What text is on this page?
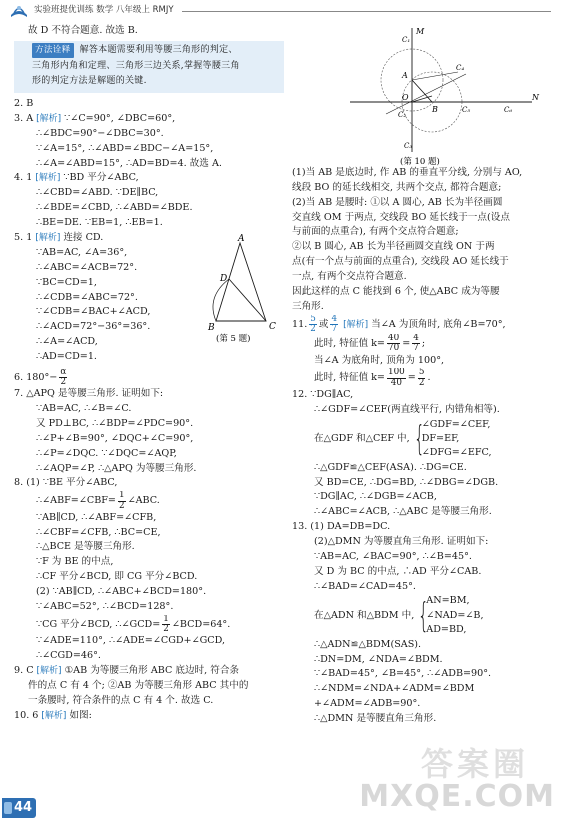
实验班提优训练 数学 八年级上 RMJY
故 D 不符合题意. 故选 B.
方法诠释 解答本题需要利用等腰三角形的判定、
三角形内角和定理、三角形三边关系,掌握等腰三角
形的判定方法是解题的关键.
2. B
3. A [解析] ∵∠C=90°, ∠DBC=60°,
∴∠BDC=90°−∠DBC=30°.
∵∠A=15°, ∴∠ABD=∠BDC−∠A=15°,
∴∠A=∠ABD=15°, ∴AD=BD=4. 故选 A.
4. 1 [解析] ∵BD 平分∠ABC,
∴∠CBD=∠ABD. ∵DE∥BC,
∴∠BDE=∠CBD, ∴∠ABD=∠BDE.
∴BE=DE. ∵EB=1, ∴EB=1.
5. 1 [解析] 连接 CD.
∵AB=AC, ∠A=36°,
∴∠ABC=∠ACB=72°.
∵BC=CD=1,
∴∠CDB=∠ABC=72°.
∵∠CDB=∠BAC+∠ACD,
∴∠ACD=72°−36°=36°.
∴∠A=∠ACD,
∴AD=CD=1.
A
B	C
D
(第 5 题)
6. $180^\circ- \frac{\alpha}{2}$
7. △APQ 是等腰三角形. 证明如下:
∵AB=AC, ∴∠B=∠C.
又 PD⊥BC, ∴∠BDP=∠PDC=90°.
∴∠P+∠B=90°, ∠DQC+∠C=90°,
∴∠P=∠DQC. ∵∠DQC=∠AQP,
∴∠AQP=∠P, ∴△APQ 为等腰三角形.
8. (1) ∵BE 平分∠ABC,
∴∠ABF=∠CBF= $\frac{1}{2}$ ∠ABC.
∵AB∥CD, ∴∠ABF=∠CFB,
∴∠CBF=∠CFB, ∴BC=CE,
∴△BCE 是等腰三角形.
∵F 为 BE 的中点,
∴CF 平分∠BCD, 即 CG 平分∠BCD.
(2) ∵AB∥CD, ∴∠ABC+∠BCD=180°.
∵∠ABC=52°, ∴∠BCD=128°.
∵CG 平分∠BCD, ∴∠GCD= $\frac{1}{2}$ ∠BCD=64°.
∵∠ADE=110°, ∴∠ADE=∠CGD+∠GCD,
∴∠CGD=46°.
9. C [解析] ①AB 为等腰三角形 ABC 底边时, 符合条
件的点 C 有 4 个; ②AB 为等腰三角形 ABC 其中的
一条腰时, 符合条件的点 C 有 4 个. 故选 C.
10. 6 [解析] 如图:
M
N
O
A
B
C₁
C₂
C₃
C₄
C₅	C₆
(第 10 题)
(1)当 AB 是底边时, 作 AB 的垂直平分线, 分别与 AO,
线段 BO 的延长线相交, 共两个交点, 都符合题意;
(2)当 AB 是腰时: ①以 A 圆心, AB 长为半径画圆
交直线 OM 于两点, 交线段 BO 延长线于一点(设点
与前面的点重合), 有两个交点符合题意;
②以 B 圆心, AB 长为半径画圆交直线 ON 于两
点(有一个点与前面的点重合), 交线段 AO 延长线于
一点, 有两个交点符合题意.
因此这样的点 C 能找到 6 个, 使△ABC 成为等腰
三角形.
11. $\frac{5}{2}$ 或 $\frac{4}{7}$ [解析] 当∠A 为顶角时, 底角∠B=70°,
此时, 特征值 $k= \frac{40}{70} = \frac{4}{7}$ ;
当∠A 为底角时, 顶角为 100°,
此时, 特征值 $k= \frac{100}{40} = \frac{5}{2}$ .
12. ∵DG∥AC,
∴∠GDF=∠CEF(两直线平行, 内错角相等).
在△GDF 和△CEF 中, {
∠GDF=∠CEF,
DF=EF,
∠DFG=∠EFC,
∴△GDF≌△CEF(ASA). ∴DG=CE.
又 BD=CE, ∴DG=BD, ∴∠DBG=∠DGB.
∵DG∥AC, ∴∠DGB=∠ACB,
∴∠ABC=∠ACB, ∴△ABC 是等腰三角形.
13. (1) DA=DB=DC.
(2)△DMN 为等腰直角三角形. 证明如下:
∵AB=AC, ∠BAC=90°, ∴∠B=45°.
又 D 为 BC 的中点, ∴AD 平分∠CAB.
∴∠BAD=∠CAD=45°.
在△ADN 和△BDM 中, {
AN=BM,
∠NAD=∠B,
AD=BD,
∴△ADN≌△BDM(SAS).
∴DN=DM, ∠NDA=∠BDM.
∵∠BAD=45°, ∠B=45°, ∴∠ADB=90°.
∴∠NDM=∠NDA+∠ADM=∠BDM
+∠ADM=∠ADB=90°.
∴△DMN 是等腰直角三角形.
44
答案圈
MXQE.COM
